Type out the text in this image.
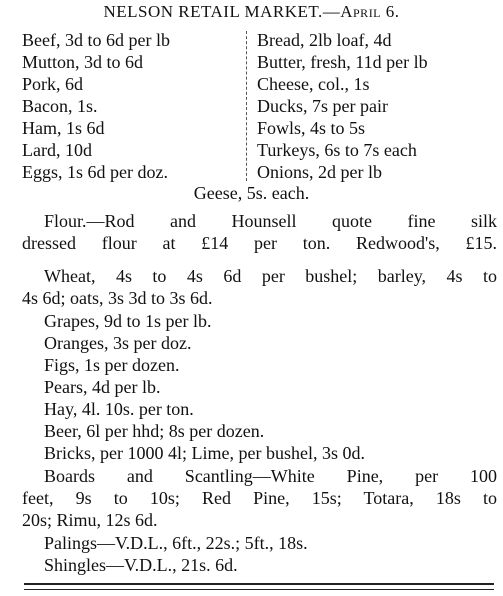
NELSON RETAIL MARKET.—April 6.
Beef, 3d to 6d per lb
Mutton, 3d to 6d
Pork, 6d
Bacon, 1s.
Ham, 1s 6d
Lard, 10d
Eggs, 1s 6d per doz.
Bread, 2lb loaf, 4d
Butter, fresh, 11d per lb
Cheese, col., 1s
Ducks, 7s per pair
Fowls, 4s to 5s
Turkeys, 6s to 7s each
Onions, 2d per lb
Geese, 5s. each.
Flour.—Rod and Hounsell quote fine silk
dressed flour at £14 per ton. Redwood's, £15.
Wheat, 4s to 4s 6d per bushel; barley, 4s to
4s 6d; oats, 3s 3d to 3s 6d.
Grapes, 9d to 1s per lb.
Oranges, 3s per doz.
Figs, 1s per dozen.
Pears, 4d per lb.
Hay, 4l. 10s. per ton.
Beer, 6l per hhd; 8s per dozen.
Bricks, per 1000 4l; Lime, per bushel, 3s 0d.
Boards and Scantling—White Pine, per 100
feet, 9s to 10s; Red Pine, 15s; Totara, 18s to
20s; Rimu, 12s 6d.
Palings—V.D.L., 6ft., 22s.; 5ft., 18s.
Shingles—V.D.L., 21s. 6d.
